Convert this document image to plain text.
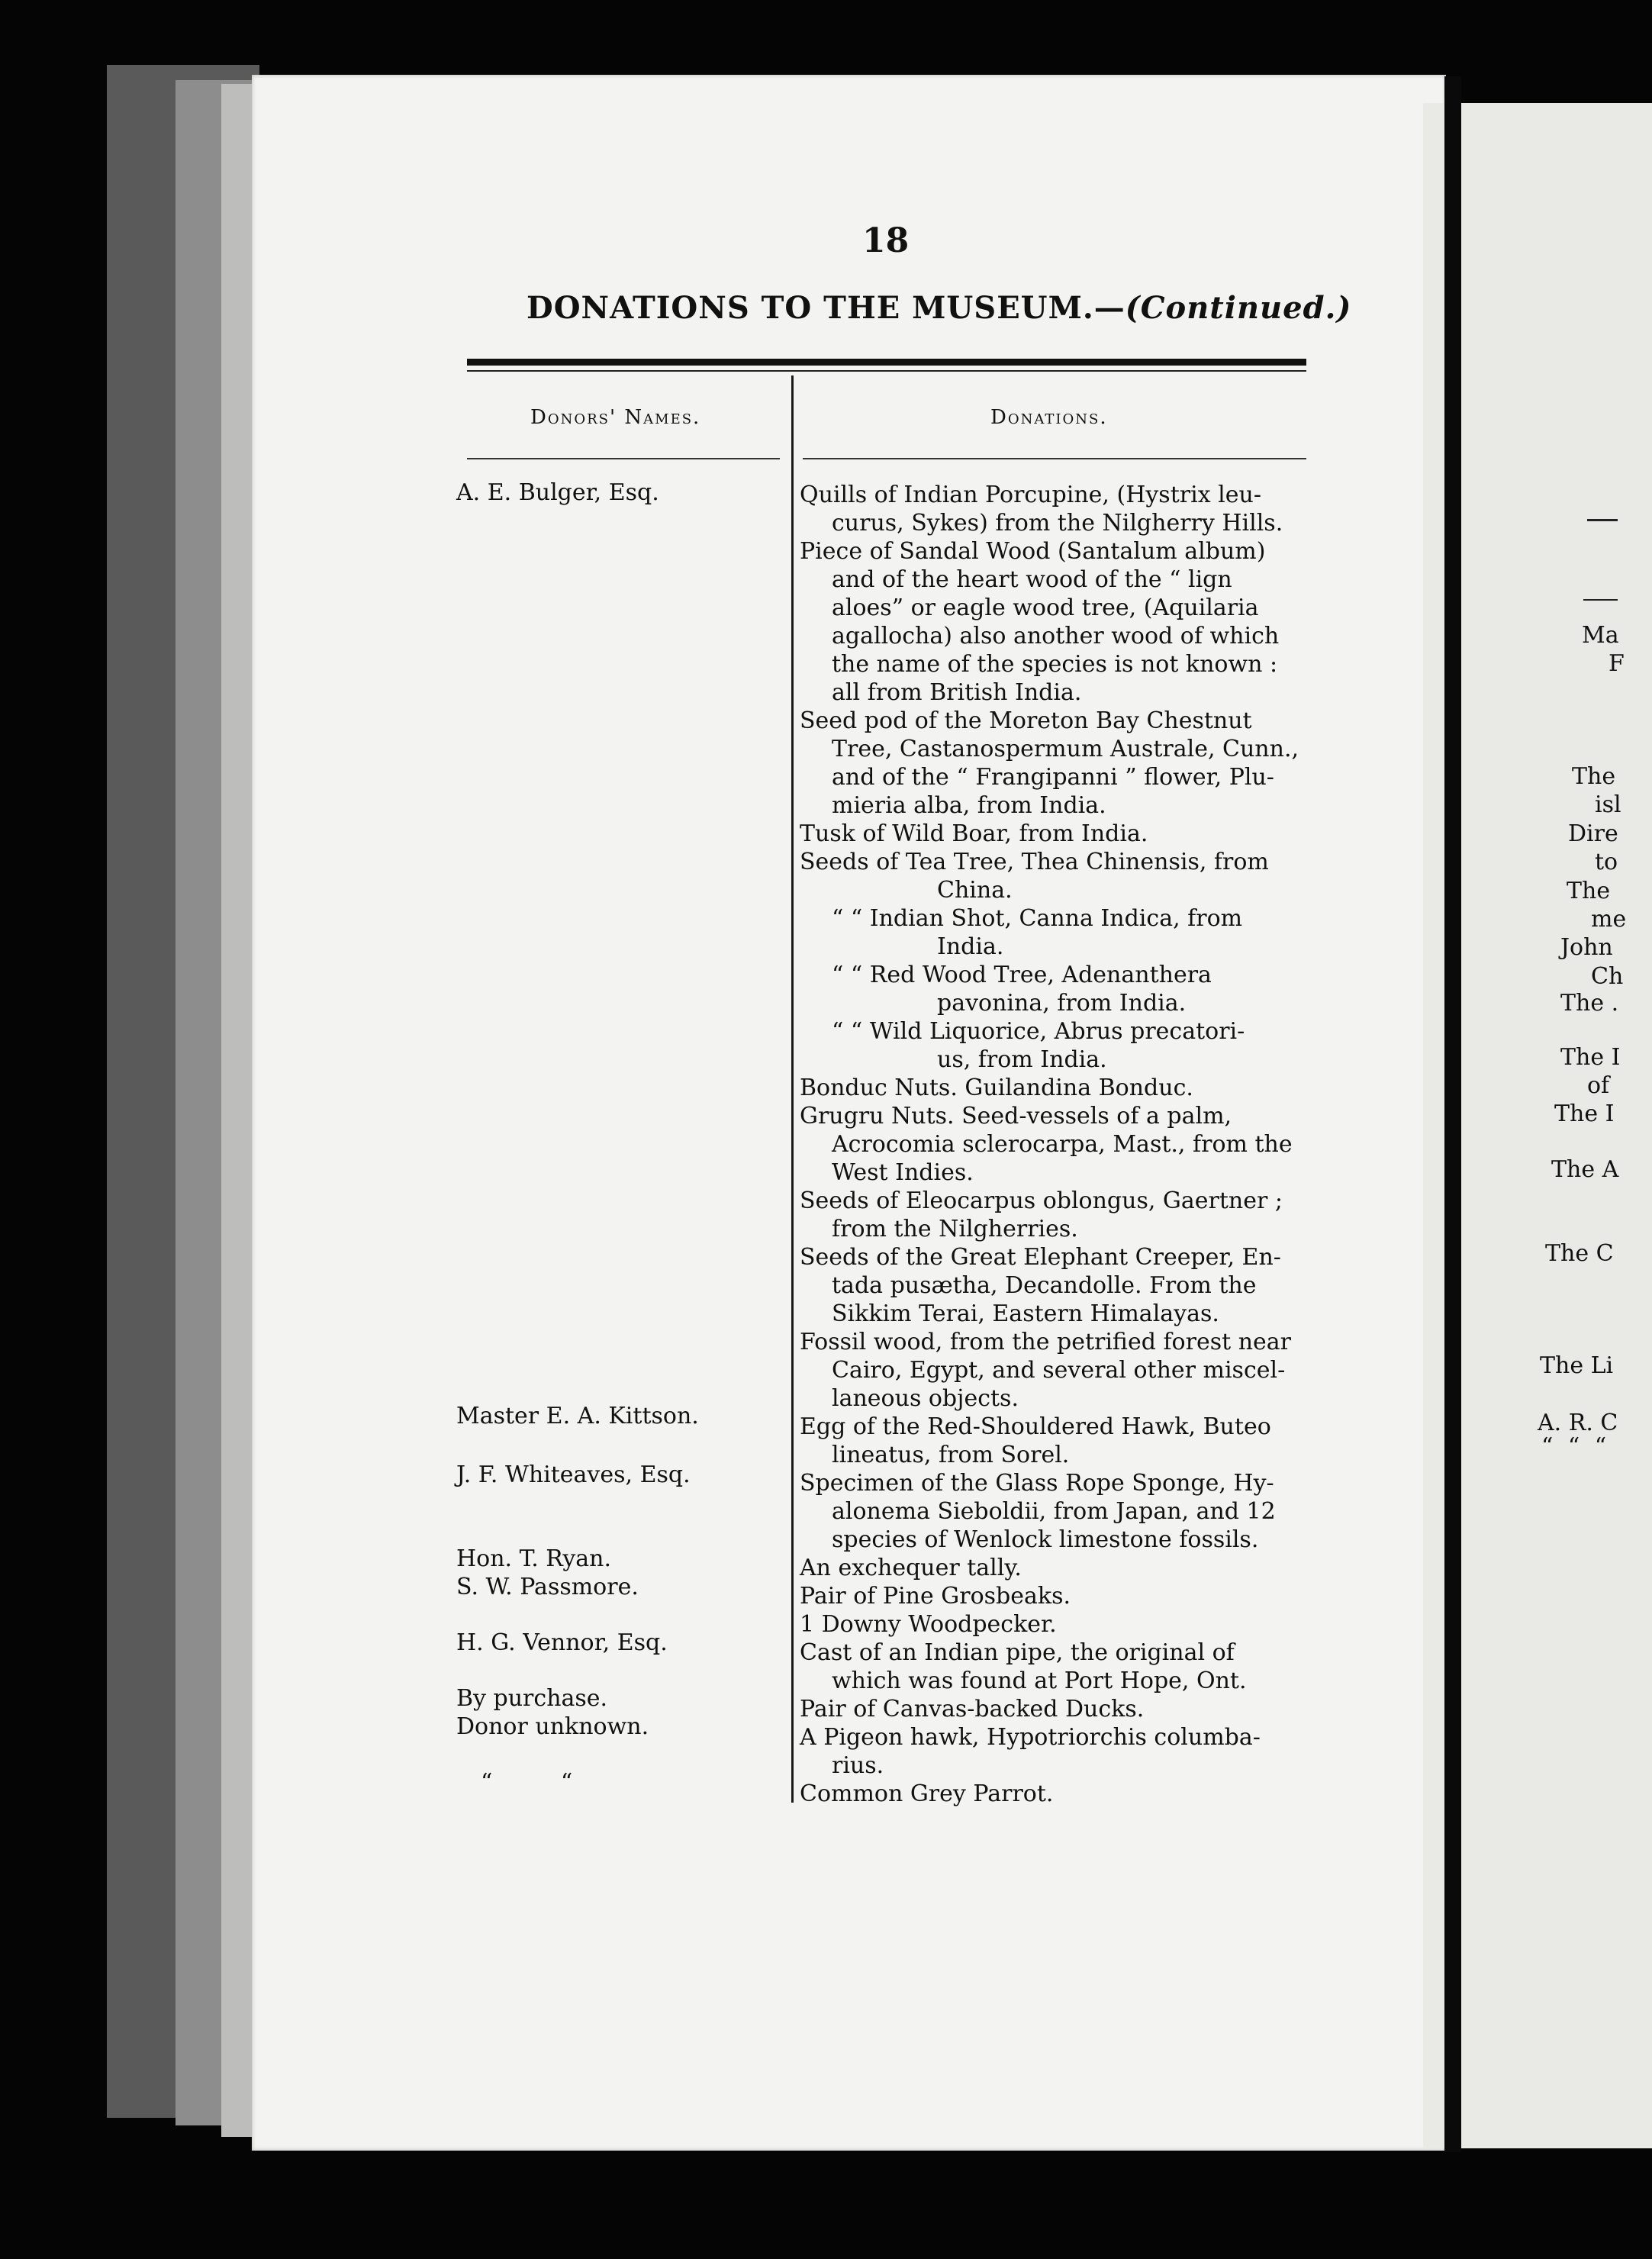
18
DONATIONS TO THE MUSEUM.—(Continued.)
Donors' Names.	Donations.
A. E. Bulger, Esq.
Master E. A. Kittson.
J. F. Whiteaves, Esq.
Hon. T. Ryan.
S. W. Passmore.
H. G. Vennor, Esq.
By purchase.
Donor unknown.
“ “
Quills of Indian Porcupine, (Hystrix leu-
curus, Sykes) from the Nilgherry Hills.
Piece of Sandal Wood (Santalum album)
and of the heart wood of the “ lign
aloes” or eagle wood tree, (Aquilaria
agallocha) also another wood of which
the name of the species is not known :
all from British India.
Seed pod of the Moreton Bay Chestnut
Tree, Castanospermum Australe, Cunn.,
and of the “ Frangipanni ” flower, Plu-
mieria alba, from India.
Tusk of Wild Boar, from India.
Seeds of Tea Tree, Thea Chinensis, from
China.
“ “ Indian Shot, Canna Indica, from
India.
“ “ Red Wood Tree, Adenanthera
pavonina, from India.
“ “ Wild Liquorice, Abrus precatori-
us, from India.
Bonduc Nuts. Guilandina Bonduc.
Grugru Nuts. Seed-vessels of a palm,
Acrocomia sclerocarpa, Mast., from the
West Indies.
Seeds of Eleocarpus oblongus, Gaertner ;
from the Nilgherries.
Seeds of the Great Elephant Creeper, En-
tada pusætha, Decandolle. From the
Sikkim Terai, Eastern Himalayas.
Fossil wood, from the petrified forest near
Cairo, Egypt, and several other miscel-
laneous objects.
Egg of the Red-Shouldered Hawk, Buteo
lineatus, from Sorel.
Specimen of the Glass Rope Sponge, Hy-
alonema Sieboldii, from Japan, and 12
species of Wenlock limestone fossils.
An exchequer tally.
Pair of Pine Grosbeaks.
1 Downy Woodpecker.
Cast of an Indian pipe, the original of
which was found at Port Hope, Ont.
Pair of Canvas-backed Ducks.
A Pigeon hawk, Hypotriorchis columba-
rius.
Common Grey Parrot.
Ma
F
The
isl
Dire
to
The
me
John
Ch
The .
The I
of
The I
The A
The C
The Li
A. R. C
“ “ “
